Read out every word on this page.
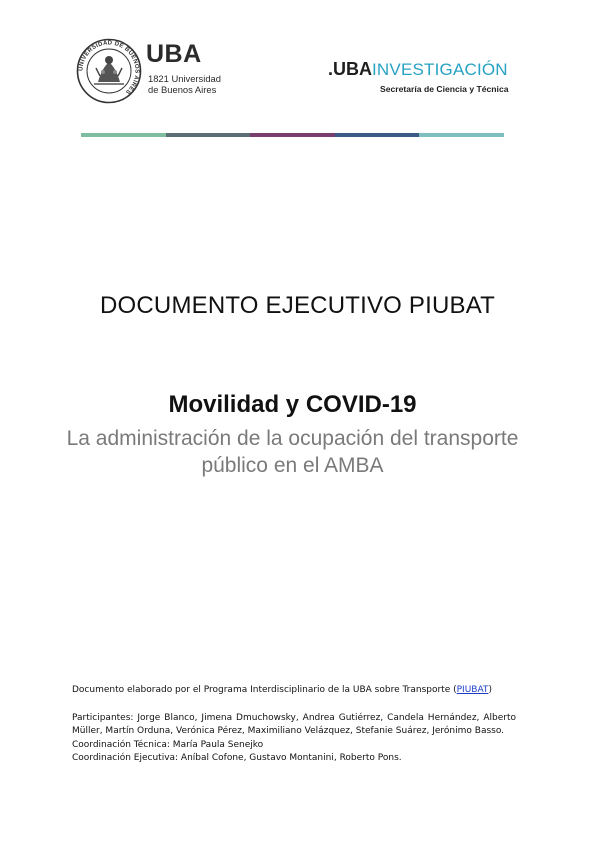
UNIVERSIDAD DE BUENOS AIRES
UBA
1821 Universidad
de Buenos Aires
.UBAINVESTIGACIÓN
Secretaría de Ciencia y Técnica
DOCUMENTO EJECUTIVO PIUBAT
Movilidad y COVID-19
La administración de la ocupación del transporte público en el AMBA

Documento elaborado por el Programa Interdisciplinario de la UBA sobre Transporte (PIUBAT)

Participantes: Jorge Blanco, Jimena Dmuchowsky, Andrea Gutiérrez, Candela Hernández, Alberto Müller, Martín Orduna, Verónica Pérez, Maximiliano Velázquez, Stefanie Suárez, Jerónimo Basso.

Coordinación Técnica: María Paula Senejko

Coordinación Ejecutiva: Aníbal Cofone, Gustavo Montanini, Roberto Pons.
